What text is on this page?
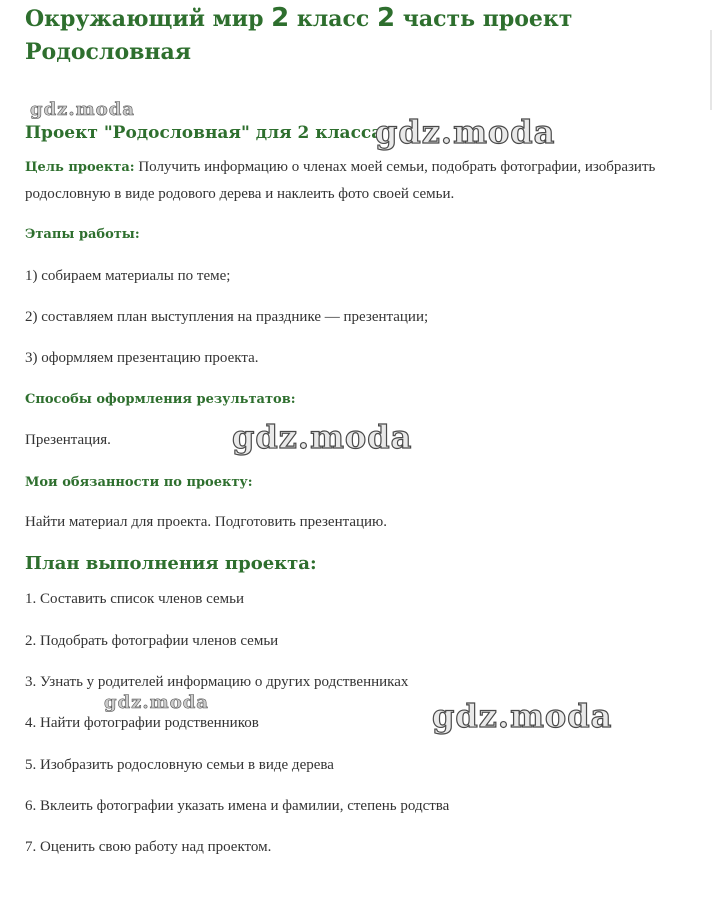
Окружающий мир 2 класс 2 часть проект Родословная
gdz.moda
Проект "Родословная" для 2 класса
gdz.moda

Цель проекта: Получить информацию о членах моей семьи, подобрать фотографии, изобразить родословную в виде родового дерева и наклеить фото своей семьи.

Этапы работы:

1) собираем материалы по теме;

2) составляем план выступления на празднике — презентации;

3) оформляем презентацию проекта.

Способы оформления результатов:

Презентация.	gdz.moda

Мои обязанности по проекту:

Найти материал для проекта. Подготовить презентацию.

План выполнения проекта:

1. Составить список членов семьи

2. Подобрать фотографии членов семьи

3. Узнать у родителей информацию о других родственниках

4. Найти фотографии родственников

5. Изобразить родословную семьи в виде дерева

6. Вклеить фотографии указать имена и фамилии, степень родства

7. Оценить свою работу над проектом.

gdz.moda	gdz.moda
